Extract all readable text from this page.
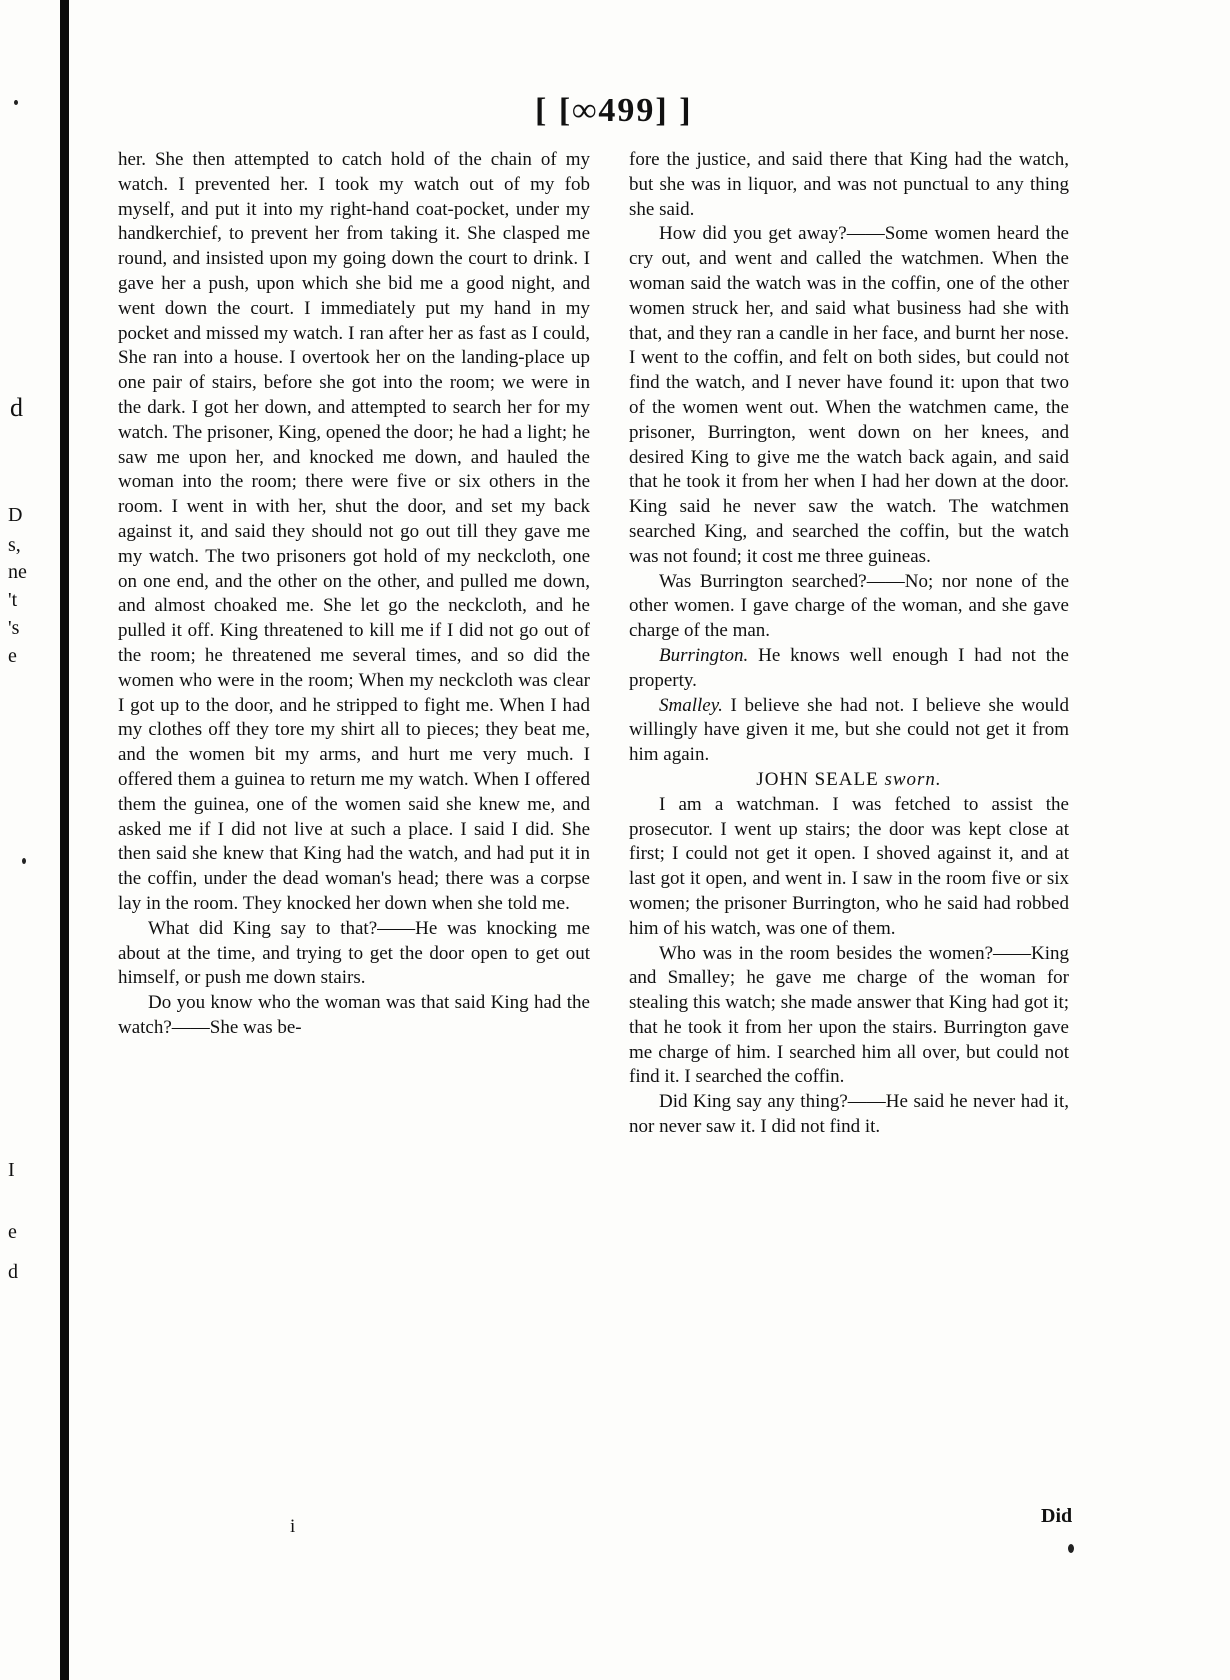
d
D
s,
ne
't
's
e
I
e
d
[ [∞499] ]

her. She then attempted to catch hold of the chain of my watch. I prevented her. I took my watch out of my fob myself, and put it into my right-hand coat-pocket, under my handkerchief, to prevent her from taking it. She clasped me round, and insisted upon my going down the court to drink. I gave her a push, upon which she bid me a good night, and went down the court. I immediately put my hand in my pocket and missed my watch. I ran after her as fast as I could, She ran into a house. I overtook her on the landing-place up one pair of stairs, before she got into the room; we were in the dark. I got her down, and attempted to search her for my watch. The prisoner, King, opened the door; he had a light; he saw me upon her, and knocked me down, and hauled the woman into the room; there were five or six others in the room. I went in with her, shut the door, and set my back against it, and said they should not go out till they gave me my watch. The two prisoners got hold of my neckcloth, one on one end, and the other on the other, and pulled me down, and almost choaked me. She let go the neckcloth, and he pulled it off. King threatened to kill me if I did not go out of the room; he threatened me several times, and so did the women who were in the room; When my neckcloth was clear I got up to the door, and he stripped to fight me. When I had my clothes off they tore my shirt all to pieces; they beat me, and the women bit my arms, and hurt me very much. I offered them a guinea to return me my watch. When I offered them the guinea, one of the women said she knew me, and asked me if I did not live at such a place. I said I did. She then said she knew that King had the watch, and had put it in the coffin, under the dead woman's head; there was a corpse lay in the room. They knocked her down when she told me.

What did King say to that?——He was knocking me about at the time, and trying to get the door open to get out himself, or push me down stairs.

Do you know who the woman was that said King had the watch?——She was be-

fore the justice, and said there that King had the watch, but she was in liquor, and was not punctual to any thing she said.

How did you get away?——Some women heard the cry out, and went and called the watchmen. When the woman said the watch was in the coffin, one of the other women struck her, and said what business had she with that, and they ran a candle in her face, and burnt her nose. I went to the coffin, and felt on both sides, but could not find the watch, and I never have found it: upon that two of the women went out. When the watchmen came, the prisoner, Burrington, went down on her knees, and desired King to give me the watch back again, and said that he took it from her when I had her down at the door. King said he never saw the watch. The watchmen searched King, and searched the coffin, but the watch was not found; it cost me three guineas.

Was Burrington searched?——No; nor none of the other women. I gave charge of the woman, and she gave charge of the man.

Burrington. He knows well enough I had not the property.

Smalley. I believe she had not. I believe she would willingly have given it me, but she could not get it from him again.

JOHN SEALE sworn.

I am a watchman. I was fetched to assist the prosecutor. I went up stairs; the door was kept close at first; I could not get it open. I shoved against it, and at last got it open, and went in. I saw in the room five or six women; the prisoner Burrington, who he said had robbed him of his watch, was one of them.

Who was in the room besides the women?——King and Smalley; he gave me charge of the woman for stealing this watch; she made answer that King had got it; that he took it from her upon the stairs. Burrington gave me charge of him. I searched him all over, but could not find it. I searched the coffin.

Did King say any thing?——He said he never had it, nor never saw it. I did not find it.

i	Did
